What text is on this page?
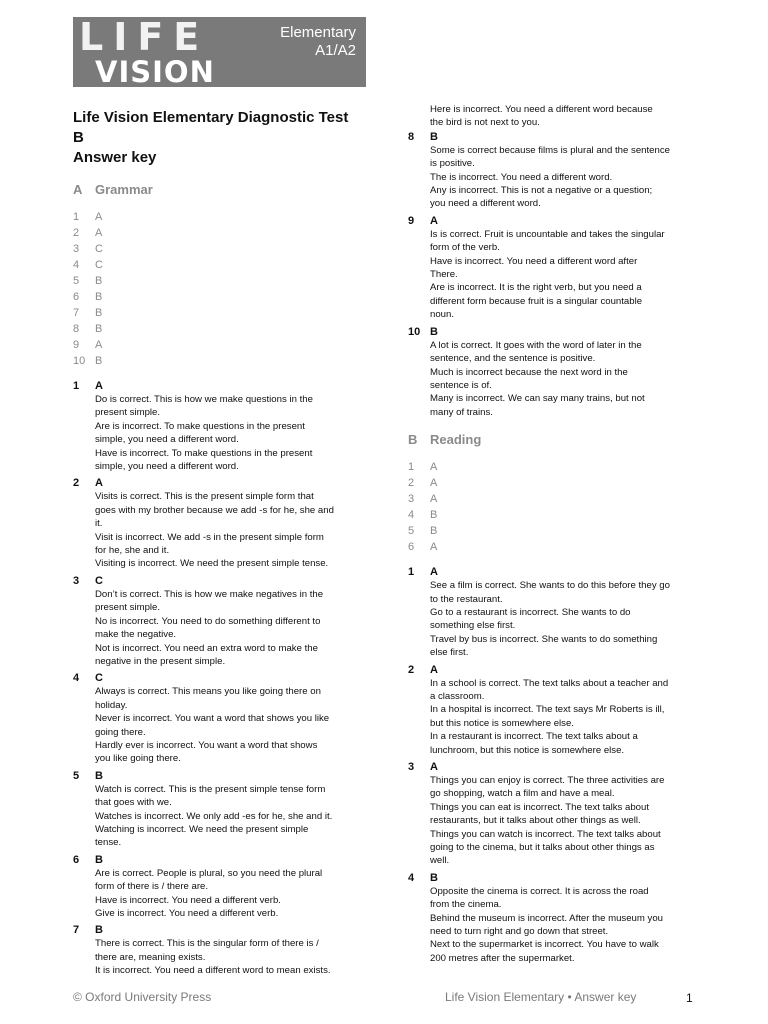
LIFE
VISION
Elementary
A1/A2
Life Vision Elementary Diagnostic Test
B
Answer key
A Grammar
1 A
2 A
3 C
4 C
5 B
6 B
7 B
8 B
9 A
10 B
1 A
Do is correct. This is how we make questions in the
present simple.
Are is incorrect. To make questions in the present
simple, you need a different word.
Have is incorrect. To make questions in the present
simple, you need a different word.
2 A
Visits is correct. This is the present simple form that
goes with my brother because we add -s for he, she and
it.
Visit is incorrect. We add -s in the present simple form
for he, she and it.
Visiting is incorrect. We need the present simple tense.
3 C
Don’t is correct. This is how we make negatives in the
present simple.
No is incorrect. You need to do something different to
make the negative.
Not is incorrect. You need an extra word to make the
negative in the present simple.
4 C
Always is correct. This means you like going there on
holiday.
Never is incorrect. You want a word that shows you like
going there.
Hardly ever is incorrect. You want a word that shows
you like going there.
5 B
Watch is correct. This is the present simple tense form
that goes with we.
Watches is incorrect. We only add -es for he, she and it.
Watching is incorrect. We need the present simple
tense.
6 B
Are is correct. People is plural, so you need the plural
form of there is / there are.
Have is incorrect. You need a different verb.
Give is incorrect. You need a different verb.
7 B
There is correct. This is the singular form of there is /
there are, meaning exists.
It is incorrect. You need a different word to mean exists.
Here is incorrect. You need a different word because
the bird is not next to you.
8 B
Some is correct because films is plural and the sentence
is positive.
The is incorrect. You need a different word.
Any is incorrect. This is not a negative or a question;
you need a different word.
9 A
Is is correct. Fruit is uncountable and takes the singular
form of the verb.
Have is incorrect. You need a different word after
There.
Are is incorrect. It is the right verb, but you need a
different form because fruit is a singular countable
noun.
10 B
A lot is correct. It goes with the word of later in the
sentence, and the sentence is positive.
Much is incorrect because the next word in the
sentence is of.
Many is incorrect. We can say many trains, but not
many of trains.
B Reading
1 A
2 A
3 A
4 B
5 B
6 A
1 A
See a film is correct. She wants to do this before they go
to the restaurant.
Go to a restaurant is incorrect. She wants to do
something else first.
Travel by bus is incorrect. She wants to do something
else first.
2 A
In a school is correct. The text talks about a teacher and
a classroom.
In a hospital is incorrect. The text says Mr Roberts is ill,
but this notice is somewhere else.
In a restaurant is incorrect. The text talks about a
lunchroom, but this notice is somewhere else.
3 A
Things you can enjoy is correct. The three activities are
go shopping, watch a film and have a meal.
Things you can eat is incorrect. The text talks about
restaurants, but it talks about other things as well.
Things you can watch is incorrect. The text talks about
going to the cinema, but it talks about other things as
well.
4 B
Opposite the cinema is correct. It is across the road
from the cinema.
Behind the museum is incorrect. After the museum you
need to turn right and go down that street.
Next to the supermarket is incorrect. You have to walk
200 metres after the supermarket.
© Oxford University Press	Life Vision Elementary • Answer key	1
